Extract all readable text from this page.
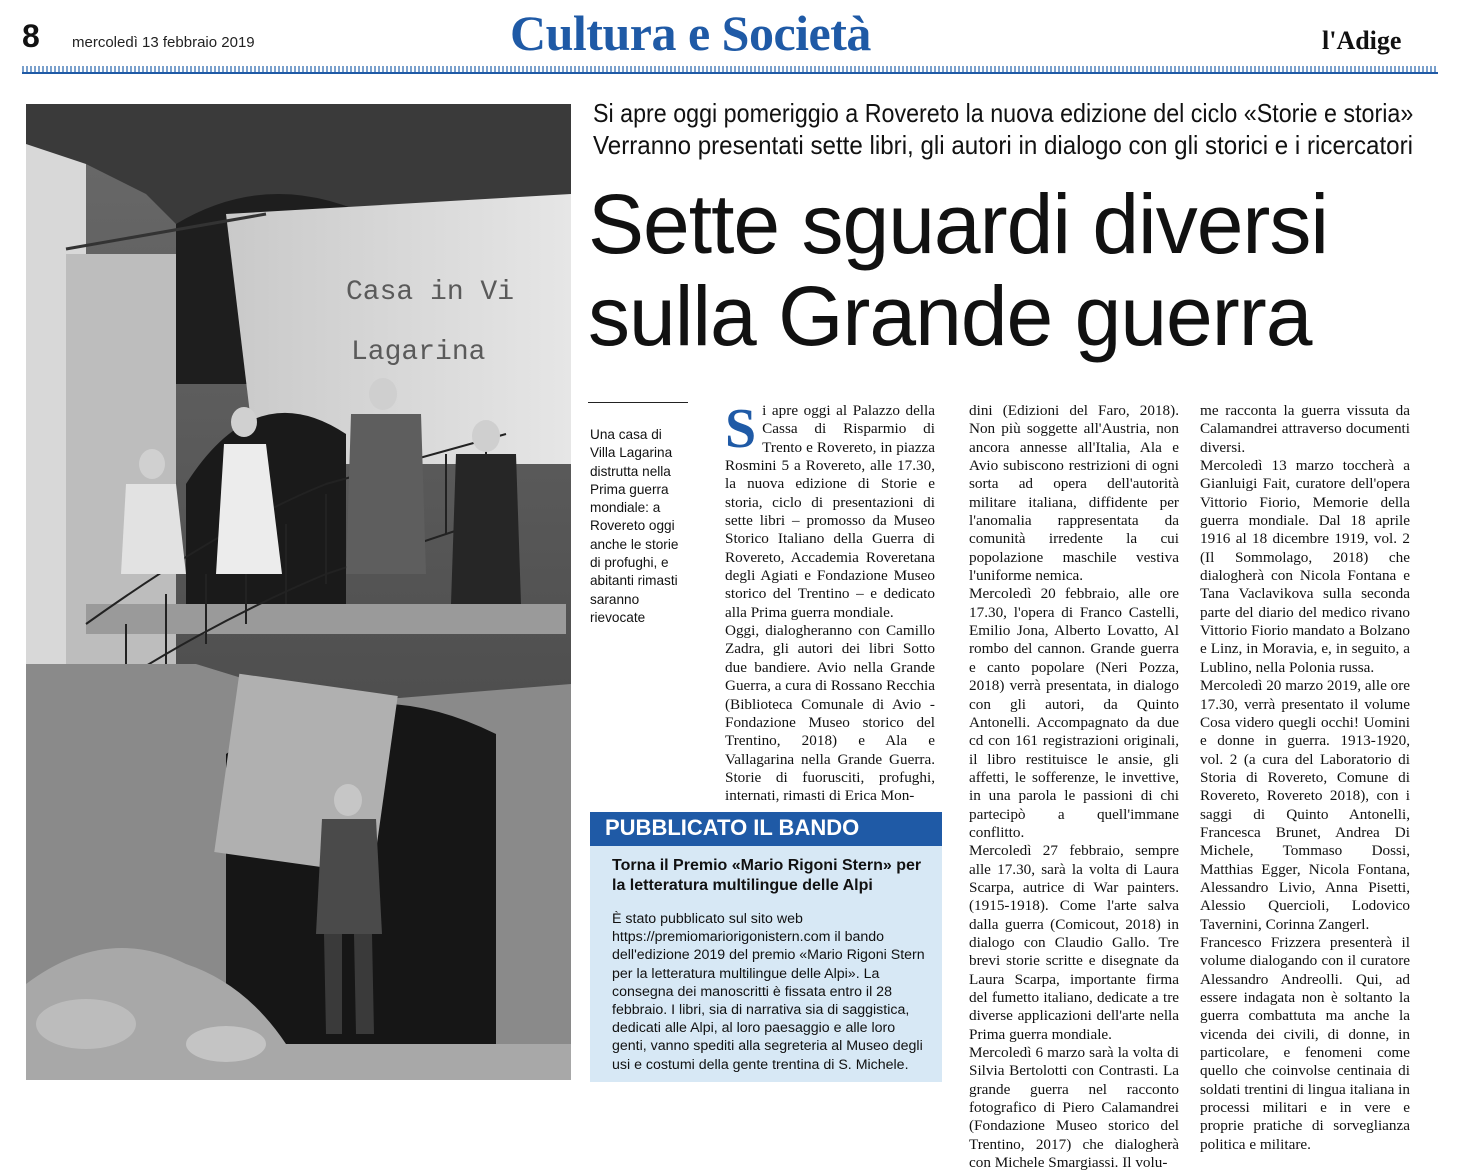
8 mercoledì 13 febbraio 2019	Cultura e Società	l'Adige
Casa in Vi
Lagarina
Una casa di Villa Lagarina distrutta nella Prima guerra mondiale: a Rovereto oggi anche le storie di profughi, e abitanti rimasti saranno rievocate
Si apre oggi pomeriggio a Rovereto la nuova edizione del ciclo «Storie e storia»
Verranno presentati sette libri, gli autori in dialogo con gli storici e i ricercatori
Sette sguardi diversi
sulla Grande guerra
S i apre oggi al Palazzo della Cassa di Risparmio di Trento e Rovereto, in piazza Rosmini 5 a Rovereto, alle 17.30, la nuova edizione di Storie e storia, ciclo di presentazioni di sette libri – promosso da Museo Storico Italiano della Guerra di Rovereto, Accademia Roveretana degli Agiati e Fondazione Museo storico del Trentino – e dedicato alla Prima guerra mondiale.

Oggi, dialogheranno con Camillo Zadra, gli autori dei libri Sotto due bandiere. Avio nella Grande Guerra, a cura di Rossano Recchia (Biblioteca Comunale di Avio - Fondazione Museo storico del Trentino, 2018) e Ala e Vallagarina nella Grande Guerra. Storie di fuorusciti, profughi, internati, rimasti di Erica Mon-

dini (Edizioni del Faro, 2018). Non più soggette all'Austria, non ancora annesse all'Italia, Ala e Avio subiscono restrizioni di ogni sorta ad opera dell'autorità militare italiana, diffidente per l'anomalia rappresentata da comunità irredente la cui popolazione maschile vestiva l'uniforme nemica.

Mercoledì 20 febbraio, alle ore 17.30, l'opera di Franco Castelli, Emilio Jona, Alberto Lovatto, Al rombo del cannon. Grande guerra e canto popolare (Neri Pozza, 2018) verrà presentata, in dialogo con gli autori, da Quinto Antonelli. Accompagnato da due cd con 161 registrazioni originali, il libro restituisce le ansie, gli affetti, le sofferenze, le invettive, in una parola le passioni di chi partecipò a quell'immane conflitto.

Mercoledì 27 febbraio, sempre alle 17.30, sarà la volta di Laura Scarpa, autrice di War painters. (1915-1918). Come l'arte salva dalla guerra (Comicout, 2018) in dialogo con Claudio Gallo. Tre brevi storie scritte e disegnate da Laura Scarpa, importante firma del fumetto italiano, dedicate a tre diverse applicazioni dell'arte nella Prima guerra mondiale.

Mercoledì 6 marzo sarà la volta di Silvia Bertolotti con Contrasti. La grande guerra nel racconto fotografico di Piero Calamandrei (Fondazione Museo storico del Trentino, 2017) che dialogherà con Michele Smargiassi. Il volu-

me racconta la guerra vissuta da Calamandrei attraverso documenti diversi.

Mercoledì 13 marzo toccherà a Gianluigi Fait, curatore dell'opera Vittorio Fiorio, Memorie della guerra mondiale. Dal 18 aprile 1916 al 18 dicembre 1919, vol. 2 (Il Sommolago, 2018) che dialogherà con Nicola Fontana e Tana Vaclavikova sulla seconda parte del diario del medico rivano Vittorio Fiorio mandato a Bolzano e Linz, in Moravia, e, in seguito, a Lublino, nella Polonia russa.

Mercoledì 20 marzo 2019, alle ore 17.30, verrà presentato il volume Cosa videro quegli occhi! Uomini e donne in guerra. 1913-1920, vol. 2 (a cura del Laboratorio di Storia di Rovereto, Comune di Rovereto, Rovereto 2018), con i saggi di Quinto Antonelli, Francesca Brunet, Andrea Di Michele, Tommaso Dossi, Matthias Egger, Nicola Fontana, Alessandro Livio, Anna Pisetti, Alessio Quercioli, Lodovico Tavernini, Corinna Zangerl.

Francesco Frizzera presenterà il volume dialogando con il curatore Alessandro Andreolli. Qui, ad essere indagata non è soltanto la guerra combattuta ma anche la vicenda dei civili, di donne, in particolare, e fenomeni come quello che coinvolse centinaia di soldati trentini di lingua italiana in processi militari e in vere e proprie pratiche di sorveglianza politica e militare.

PUBBLICATO IL BANDO
Torna il Premio «Mario Rigoni Stern» per la letteratura multilingue delle Alpi
È stato pubblicato sul sito web https://premiomariorigonistern.com il bando dell'edizione 2019 del premio «Mario Rigoni Stern per la letteratura multilingue delle Alpi». La consegna dei manoscritti è fissata entro il 28 febbraio. I libri, sia di narrativa sia di saggistica, dedicati alle Alpi, al loro paesaggio e alle loro genti, vanno spediti alla segreteria al Museo degli usi e costumi della gente trentina di S. Michele.
